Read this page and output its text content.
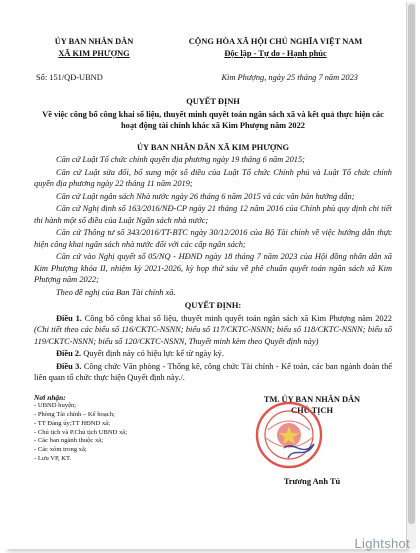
ỦY BAN NHÂN DÂN
XÃ KIM PHƯỢNG
CỘNG HÒA XÃ HỘI CHỦ NGHĨA VIỆT NAM
Độc lập - Tự do - Hạnh phúc
Số: 151/QĐ-UBND	Kim Phượng, ngày 25 tháng 7 năm 2023
QUYẾT ĐỊNH
Về việc công bố công khai số liệu, thuyết minh quyết toán ngân sách xã và kết quả thực hiện các hoạt động tài chính khác xã Kim Phượng năm 2022
ỦY BAN NHÂN DÂN XÃ KIM PHƯỢNG

Căn cứ Luật Tổ chức chính quyền địa phương ngày 19 tháng 6 năm 2015;

Căn cứ Luật sửa đổi, bổ sung một số điều của Luật Tổ chức Chính phủ và Luật Tổ chức chính quyền địa phương ngày 22 tháng 11 năm 2019;

Căn cứ Luật ngân sách Nhà nước ngày 26 tháng 6 năm 2015 và các văn bản hướng dẫn;

Căn cứ Nghị định số 163/2016/NĐ-CP ngày 21 tháng 12 năm 2016 của Chính phủ quy định chi tiết thi hành một số điều của Luật Ngân sách nhà nước;

Căn cứ Thông tư số 343/2016/TT-BTC ngày 30/12/2016 của Bộ Tài chính về việc hướng dẫn thực hiện công khai ngân sách nhà nước đối với các cấp ngân sách;

Căn cứ vào Nghị quyết số 05/NQ - HĐND ngày 18 tháng 7 năm 2023 của Hội đồng nhân dân xã Kim Phượng khóa II, nhiệm kỳ 2021-2026, kỳ họp thứ sáu về phê chuẩn quyết toán ngân sách xã Kim Phượng năm 2022;

Theo đề nghị của Ban Tài chính xã.

QUYẾT ĐỊNH:

Điều 1. Công bố công khai số liệu, thuyết minh quyết toán ngân sách xã Kim Phượng năm 2022 (Chi tiết theo các biểu số 116/CKTC-NSNN; biểu số 117/CKTC-NSNN; biểu số 118/CKTC-NSNN; biểu số 119/CKTC-NSNN; biểu số 120/CKTC-NSNN, Thuyết minh kèm theo Quyết định này)

Điều 2. Quyết định này có hiệu lực kể từ ngày ký.

Điều 3. Công chức Văn phòng - Thống kê, công chức Tài chính - Kế toán, các ban ngành đoàn thể liên quan tổ chức thực hiện Quyết định này./.

Nơi nhận:
- UBND huyện;
- Phòng Tài chính – Kế hoạch;
- TT Đảng ủy;TT HĐND xã;
- Chủ tịch và P.Chủ tịch UBND xã;
- Các ban ngành thuộc xã;
- Các xóm trong xã;
- Lưu VP, KT.
TM. ỦY BAN NHÂN DÂN
CHỦ TỊCH
Trương Anh Tú
Lightshot
